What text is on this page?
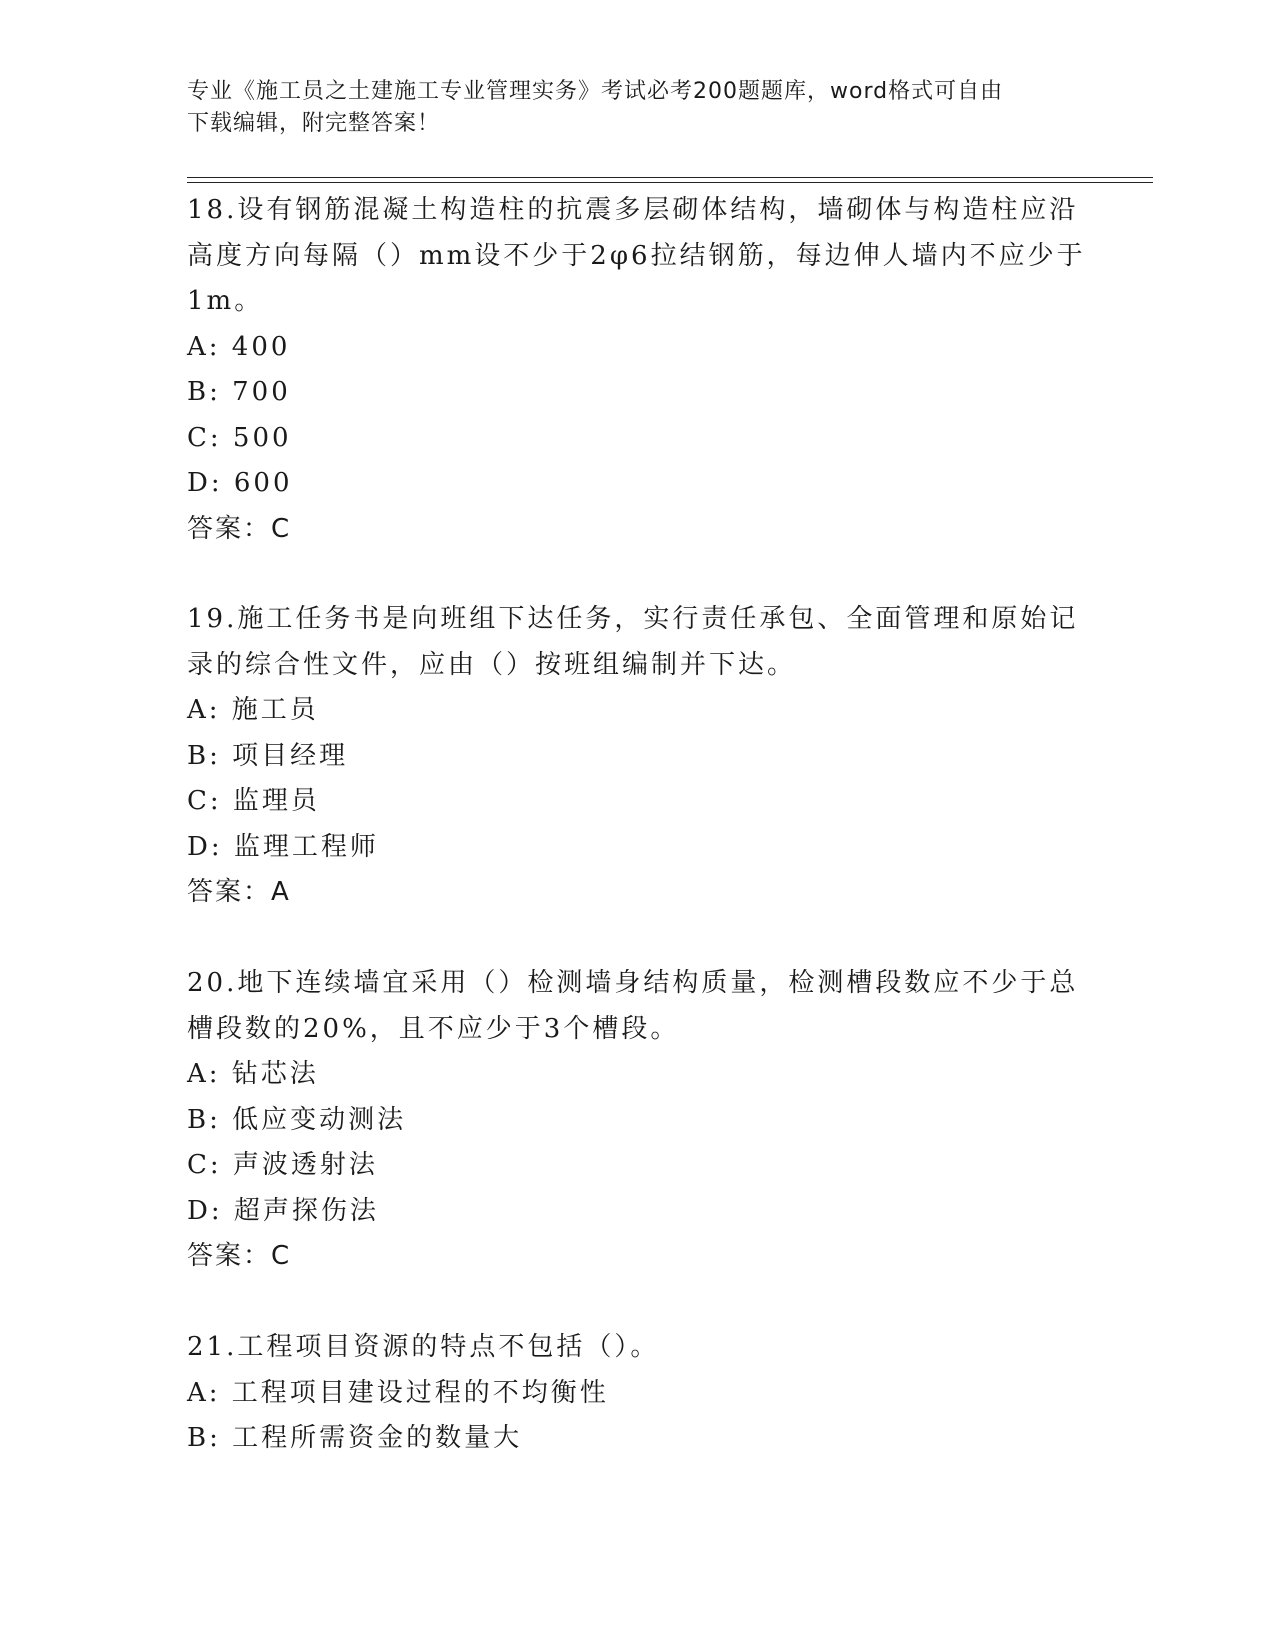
专业《施工员之土建施工专业管理实务》考试必考200题题库，word格式可自由
下载编辑，附完整答案！
18.设有钢筋混凝土构造柱的抗震多层砌体结构，墙砌体与构造柱应沿
高度方向每隔（）mm设不少于2φ6拉结钢筋，每边伸人墙内不应少于
1m。
A: 400
B: 700
C: 500
D: 600
答案：C
19.施工任务书是向班组下达任务，实行责任承包、全面管理和原始记
录的综合性文件，应由（）按班组编制并下达。
A: 施工员
B: 项目经理
C: 监理员
D: 监理工程师
答案：A
20.地下连续墙宜采用（）检测墙身结构质量，检测槽段数应不少于总
槽段数的20%，且不应少于3个槽段。
A: 钻芯法
B: 低应变动测法
C: 声波透射法
D: 超声探伤法
答案：C
21.工程项目资源的特点不包括（）。
A: 工程项目建设过程的不均衡性
B: 工程所需资金的数量大
